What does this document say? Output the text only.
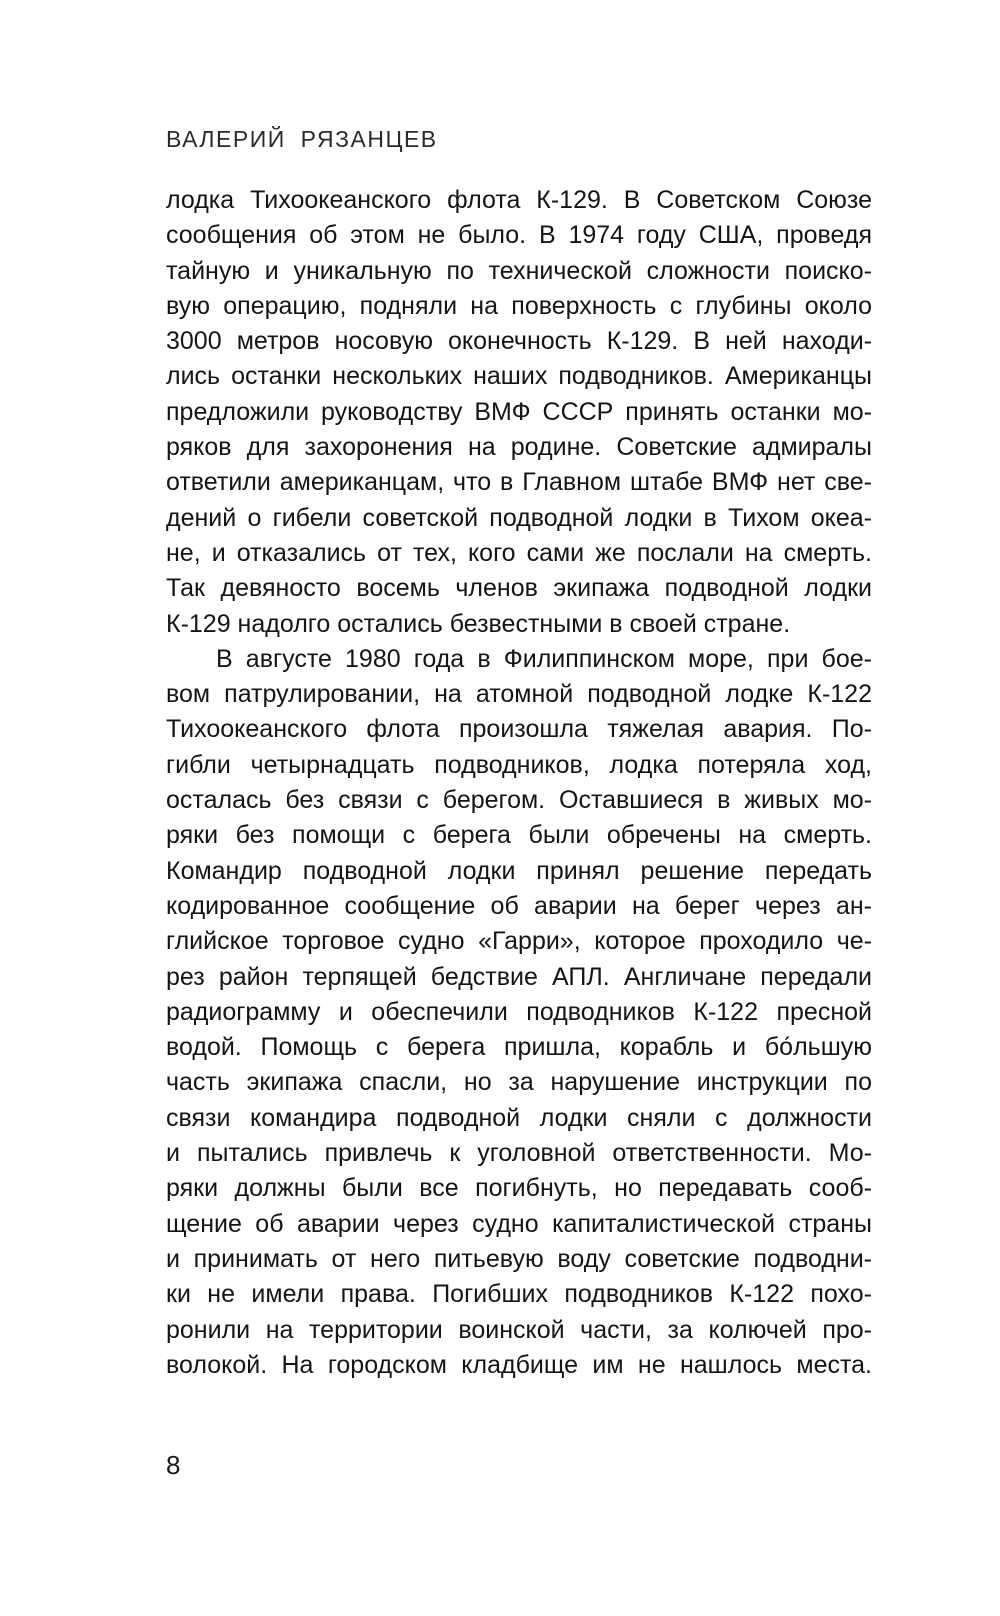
ВАЛЕРИЙ РЯЗАНЦЕВ
лодка Тихоокеанского флота К-129. В Советском Союзе
сообщения об этом не было. В 1974 году США, проведя
тайную и уникальную по технической сложности поиско-
вую операцию, подняли на поверхность с глубины около
3000 метров носовую оконечность К-129. В ней находи-
лись останки нескольких наших подводников. Американцы
предложили руководству ВМФ СССР принять останки мо-
ряков для захоронения на родине. Советские адмиралы
ответили американцам, что в Главном штабе ВМФ нет све-
дений о гибели советской подводной лодки в Тихом океа-
не, и отказались от тех, кого сами же послали на смерть.
Так девяносто восемь членов экипажа подводной лодки
К-129 надолго остались безвестными в своей стране.
В августе 1980 года в Филиппинском море, при бое-
вом патрулировании, на атомной подводной лодке К-122
Тихоокеанского флота произошла тяжелая авария. По-
гибли четырнадцать подводников, лодка потеряла ход,
осталась без связи с берегом. Оставшиеся в живых мо-
ряки без помощи с берега были обречены на смерть.
Командир подводной лодки принял решение передать
кодированное сообщение об аварии на берег через ан-
глийское торговое судно «Гарри», которое проходило че-
рез район терпящей бедствие АПЛ. Англичане передали
радиограмму и обеспечили подводников К-122 пресной
водой. Помощь с берега пришла, корабль и бо́льшую
часть экипажа спасли, но за нарушение инструкции по
связи командира подводной лодки сняли с должности
и пытались привлечь к уголовной ответственности. Мо-
ряки должны были все погибнуть, но передавать сооб-
щение об аварии через судно капиталистической страны
и принимать от него питьевую воду советские подводни-
ки не имели права. Погибших подводников К-122 похо-
ронили на территории воинской части, за колючей про-
волокой. На городском кладбище им не нашлось места.
8
